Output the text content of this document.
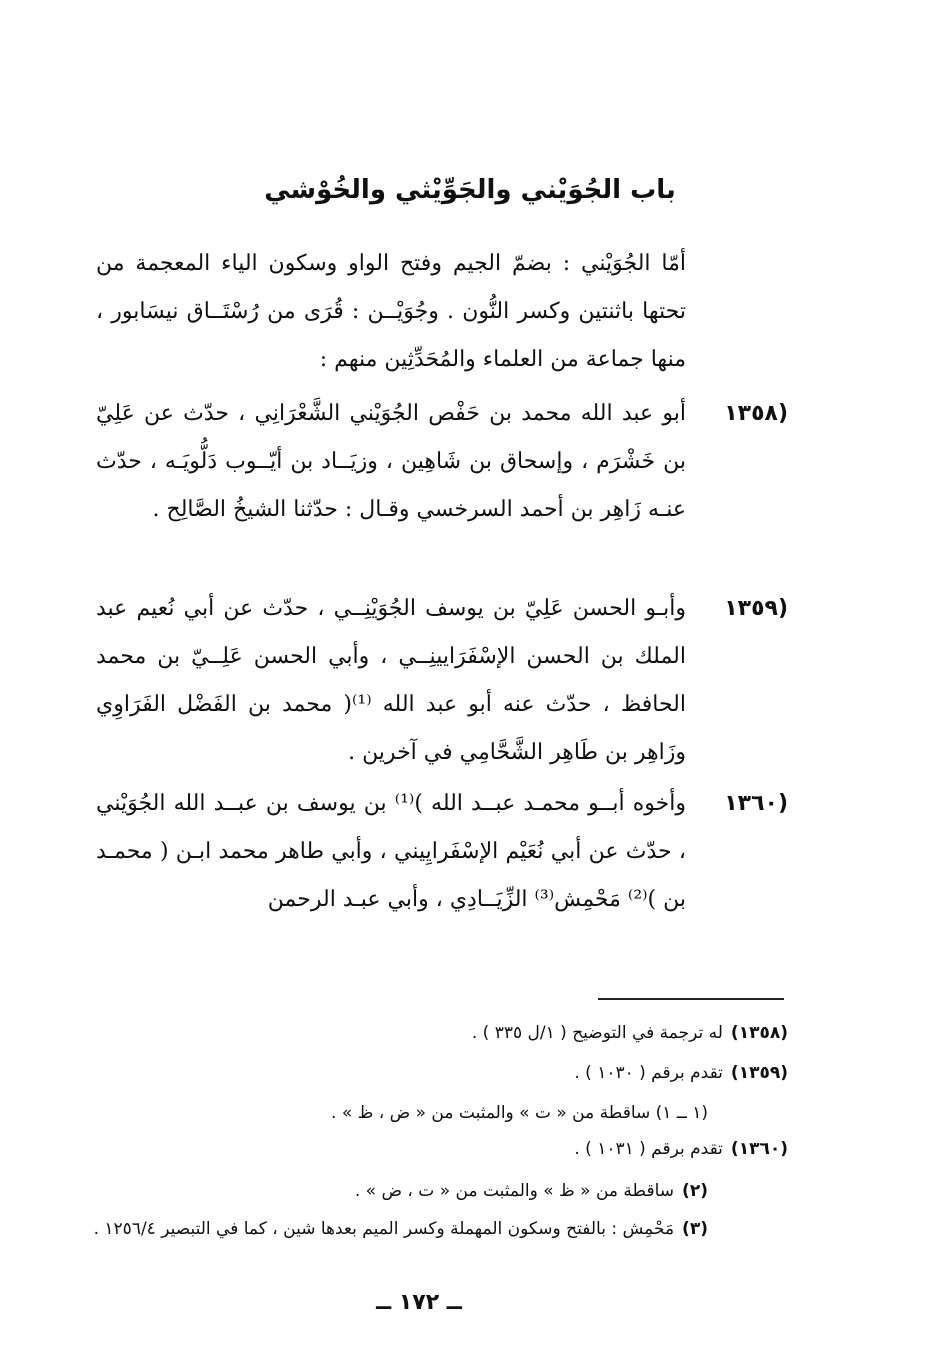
باب الجُوَيْني والجَوِّيْثي والخُوْشي
أمّا الجُوَيْني : بضمّ الجيم وفتح الواو وسكون الياء المعجمة من تحتها باثنتين وكسر النُّون . وجُوَيْــن : قُرَى من رُسْتَــاق نيسَابور ، منها جماعة من العلماء والمُحَدِّثِين منهم :
(١٣٥٨
أبو عبد الله محمد بن حَفْص الجُوَيْني الشَّعْرَانِي ، حدّث عن عَلِيّ بن خَشْرَم ، وإسحاق بن شَاهِين ، وزيَــاد بن أيّــوب دَلُّويَـه ، حدّث عنـه زَاهِر بن أحمد السرخسي وقـال : حدّثنا الشيخُ الصَّالِح .
(١٣٥٩
وأبـو الحسن عَلِيّ بن يوسف الجُوَيْنِــي ، حدّث عن أبي نُعيم عبد الملك بن الحسن الإسْفَرَايينِــي ، وأبي الحسن عَلِــيّ بن محمد الحافظ ، حدّث عنه أبو عبد الله ⁽¹⁾( محمد بن الفَضْل الفَرَاوِي وزَاهِر بن طَاهِر الشَّحَّامِي في آخرين .
(١٣٦٠
وأخوه أبــو محمـد عبــد الله )⁽¹⁾ بن يوسف بن عبــد الله الجُوَيْني ، حدّث عن أبي نُعَيْم الإسْفَرايِيني ، وأبي طاهر محمد ابـن ( محمـد بن )⁽²⁾ مَحْمِش⁽³⁾ الزِّيَــادِي ، وأبي عبـد الرحمن
(١٣٥٨)له ترجمة في التوضيح ( ١/ل ٣٣٥ ) .
(١٣٥٩)تقدم برقم ( ١٠٣٠ ) .
(١ ــ ١) ساقطة من « ت » والمثبت من « ض ، ظ » .
(١٣٦٠)تقدم برقم ( ١٠٣١ ) .
(٢)ساقطة من « ظ » والمثبت من « ت ، ض » .
(٣)مَحْمِش : بالفتح وسكون المهملة وكسر الميم بعدها شين ، كما في التبصير ١٢٥٦/٤ .
ــ ١٧٢ ــ
